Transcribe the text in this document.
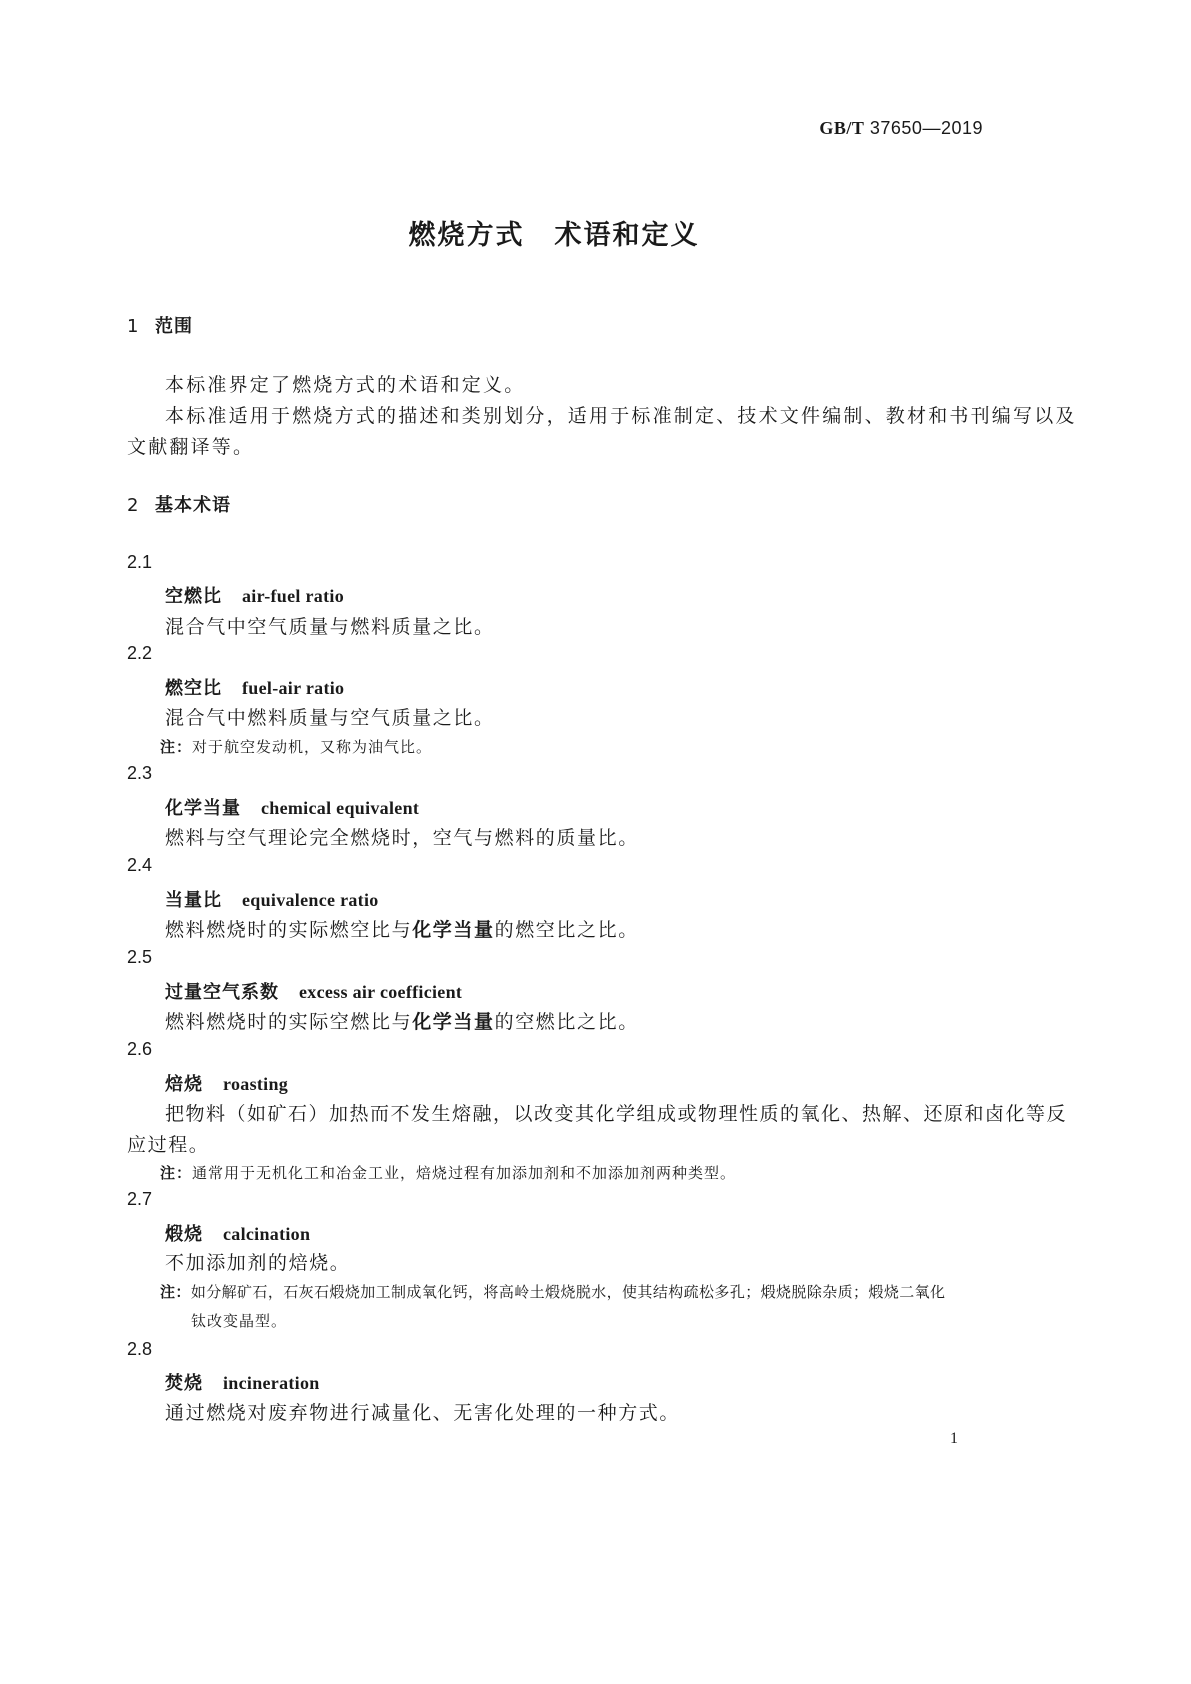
GB/T 37650—2019
燃烧方式 术语和定义
1 范围
本标准界定了燃烧方式的术语和定义。
本标准适用于燃烧方式的描述和类别划分，适用于标准制定、技术文件编制、教材和书刊编写以及
文献翻译等。
2 基本术语
2.1
空燃比 air-fuel ratio
混合气中空气质量与燃料质量之比。
2.2
燃空比 fuel-air ratio
混合气中燃料质量与空气质量之比。
注：对于航空发动机，又称为油气比。
2.3
化学当量 chemical equivalent
燃料与空气理论完全燃烧时，空气与燃料的质量比。
2.4
当量比 equivalence ratio
燃料燃烧时的实际燃空比与化学当量的燃空比之比。
2.5
过量空气系数 excess air coefficient
燃料燃烧时的实际空燃比与化学当量的空燃比之比。
2.6
焙烧 roasting
把物料（如矿石）加热而不发生熔融，以改变其化学组成或物理性质的氧化、热解、还原和卤化等反
应过程。
注：通常用于无机化工和冶金工业，焙烧过程有加添加剂和不加添加剂两种类型。
2.7
煅烧 calcination
不加添加剂的焙烧。
注：如分解矿石，石灰石煅烧加工制成氧化钙，将高岭土煅烧脱水，使其结构疏松多孔；煅烧脱除杂质；煅烧二氧化
钛改变晶型。
2.8
焚烧 incineration
通过燃烧对废弃物进行减量化、无害化处理的一种方式。
1
